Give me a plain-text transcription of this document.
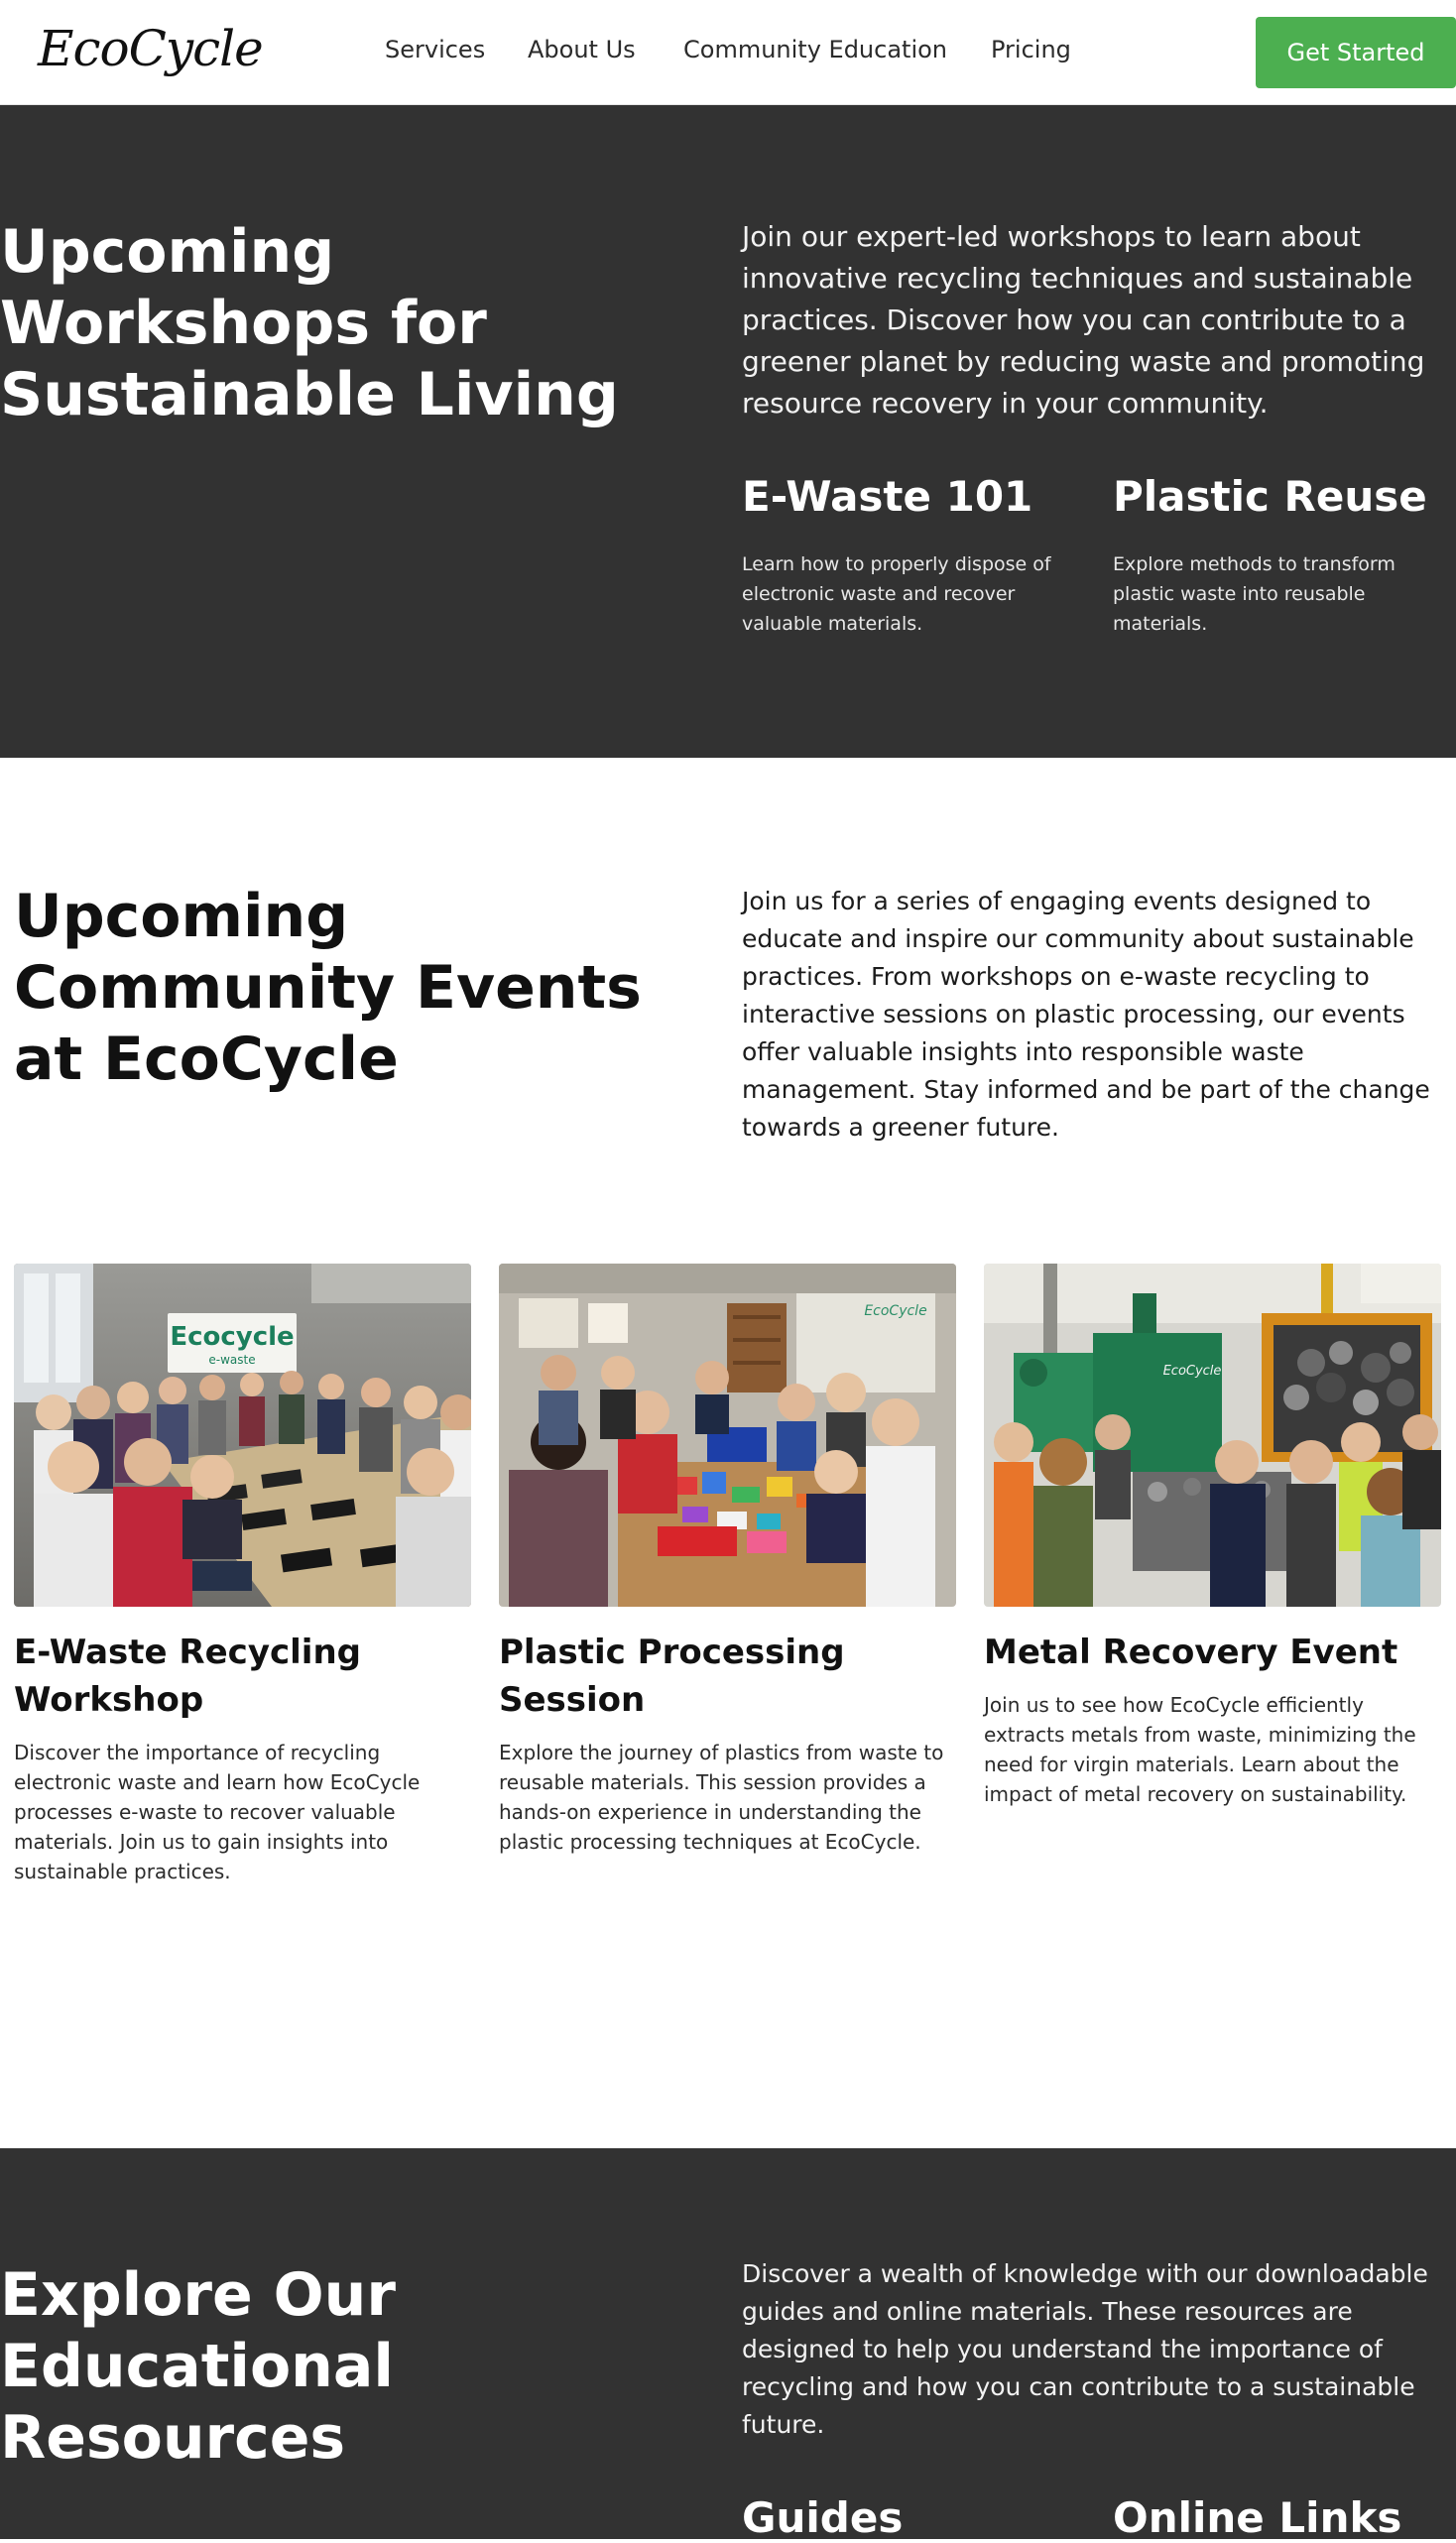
EcoCycle	Services About Us Community Education Pricing	Get Started
Upcoming Workshops for Sustainable Living

Join our expert-led workshops to learn about innovative recycling techniques and sustainable practices. Discover how you can contribute to a greener planet by reducing waste and promoting resource recovery in your community.

E-Waste 101

Learn how to properly dispose of electronic waste and recover valuable materials.

Plastic Reuse

Explore methods to transform plastic waste into reusable materials.

Upcoming Community Events at EcoCycle

Join us for a series of engaging events designed to educate and inspire our community about sustainable practices. From workshops on e-waste recycling to interactive sessions on plastic processing, our events offer valuable insights into responsible waste management. Stay informed and be part of the change towards a greener future.

Ecocycle
e-waste
E-Waste Recycling Workshop

Discover the importance of recycling electronic waste and learn how EcoCycle processes e-waste to recover valuable materials. Join us to gain insights into sustainable practices.

EcoCycle
Plastic Processing Session

Explore the journey of plastics from waste to reusable materials. This session provides a hands-on experience in understanding the plastic processing techniques at EcoCycle.

EcoCycle
Metal Recovery Event

Join us to see how EcoCycle efficiently extracts metals from waste, minimizing the need for virgin materials. Learn about the impact of metal recovery on sustainability.

Explore Our Educational Resources

Discover a wealth of knowledge with our downloadable guides and online materials. These resources are designed to help you understand the importance of recycling and how you can contribute to a sustainable future.

Guides	Online Links
